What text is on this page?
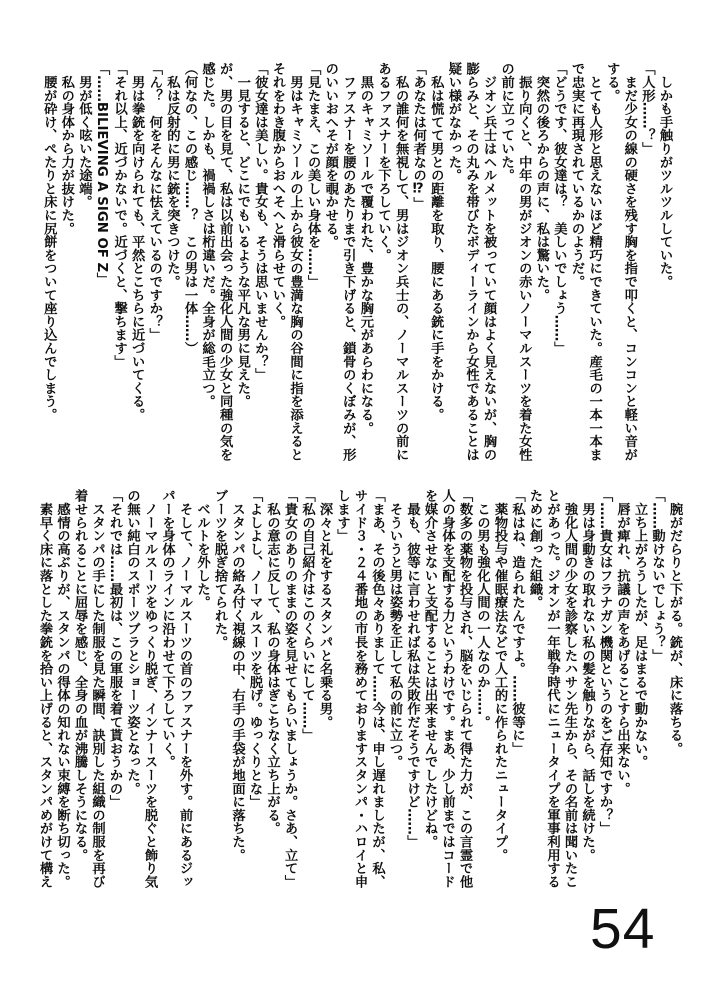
　しかも手触りがツルツルしていた。

「人形……？」

　まだ少女の線の硬さを残す胸を指で叩くと、コンコンと軽い音が

する。

　とても人形と思えないほど精巧にできていた。産毛の一本一本ま

で忠実に再現されているかのようだ。

「どうです、彼女達は？　美しいでしょう……」

　突然の後ろからの声に、私は驚いた。

　振り向くと、中年の男がジオンの赤いノーマルスーツを着た女性

の前に立っていた。

　ジオン兵士はヘルメットを被っていて顔はよく見えないが、胸の

膨らみと、その丸みを帯びたボディーラインから女性であることは

疑い様がなかった。

　私は慌てて男との距離を取り、腰にある銃に手をかける。

「あなたは何者なの⁉」

　私の誰何を無視して、男はジオン兵士の、ノーマルスーツの前に

あるファスナーを下ろしていく。

　黒のキャミソールで覆われた、豊かな胸元があらわになる。

　ファスナーを腰のあたりまで引き下げると、鎖骨のくぼみが、形

のいいおへそが顔を覗かせる。

「見たまえ、この美しい身体を……」

　男はキャミソールの上から彼女の豊満な胸の谷間に指を添えると

それをわき腹からおへそへと滑らせていく。

「彼女達は美しい。貴女も、そうは思いませんか？」

　一見すると、どこにでもいるような平凡な男に見えた。

が、男の目を見て、私は以前出会った強化人間の少女と同種の気を

感じた。しかも、禍禍しさは桁違いだ。全身が総毛立つ。

（何なの、この感じ……？　この男は一体……）

　私は反射的に男に銃を突きつけた。

「ん？　何をそんなに怯えているのですか？」

　男は拳銃を向けられても、平然とこちらに近づいてくる。

「それ以上、近づかないで。近づくと、撃ちます」

「……BILIEVING A SIGN OF Z」

　男が低く呟いた途端。

　私の身体から力が抜けた。

　腰が砕け、ぺたりと床に尻餅をついて座り込んでしまう。

　腕がだらりと下がる。銃が、床に落ちる。

「……動けないでしょう？」

　立ち上がろうしたが、足はまるで動かない。

　唇が痺れ、抗議の声をあげることすら出来ない。

「……貴女はフラナガン機関というのをご存知ですか？」

　男は身動きの取れない私の髪を触りながら、話しを続けた。

　強化人間の少女を診察したハサン先生から、その名前は聞いたこ

とがあった。ジオンが一年戦争時代にニュータイプを軍事利用する

ために創った組織。

「私はね、造られたんですよ。……彼等に」

　薬物投与や催眠療法などで人工的に作られたニュータイプ。

　この男も強化人間の一人なのか……。

「数多の薬物を投与され、脳をいじられて得た力が、この言霊で他

人の身体を支配する力というわけです。まあ、少し前まではコード

を媒介させないと支配することは出来ませんでしたけどね。

　最も、彼等に言わせれば私は失敗作だそうですけど……」

　そういうと男は姿勢を正して私の前に立つ。

「まあ、その後色々ありまして……今は、申し遅れましたが、私、

サイド３・２４番地の市長を務めておりますスタンパ・ハロイと申

します」

　深々と礼をするスタンパと名乗る男。

「私の自己紹介はこのくらいにして……」

「貴女のありのままの姿を見せてもらいましょうか。さあ、立て」

　私の意志に反して、私の身体はぎこちなく立ち上がる。

「よしよし、ノーマルスーツを脱げ。ゆっくりとな」

　スタンパの絡み付く視線の中、右手の手袋が地面に落ちた。

ブーツを脱ぎ捨てられた。

　ベルトを外した。

　そして、ノーマルスーツの首のファスナーを外す。前にあるジッ

パーを身体のラインに沿わせて下ろしていく。

　ノーマルスーツをゆっくり脱ぎ、インナースーツを脱ぐと飾り気

の無い純白のスポーツブラとショーツ姿となった。

「それでは……最初は、この軍服を着て貰おうかの」

　スタンパの手にした制服を見た瞬間、訣別した組織の制服を再び

着せられることに屈辱を感じ、全身の血が沸騰しそうになる。

　感情の高ぶりが、スタンパの得体の知れない束縛を断ち切った。

　素早く床に落とした拳銃を拾い上げると、スタンパめがけて構え

54
